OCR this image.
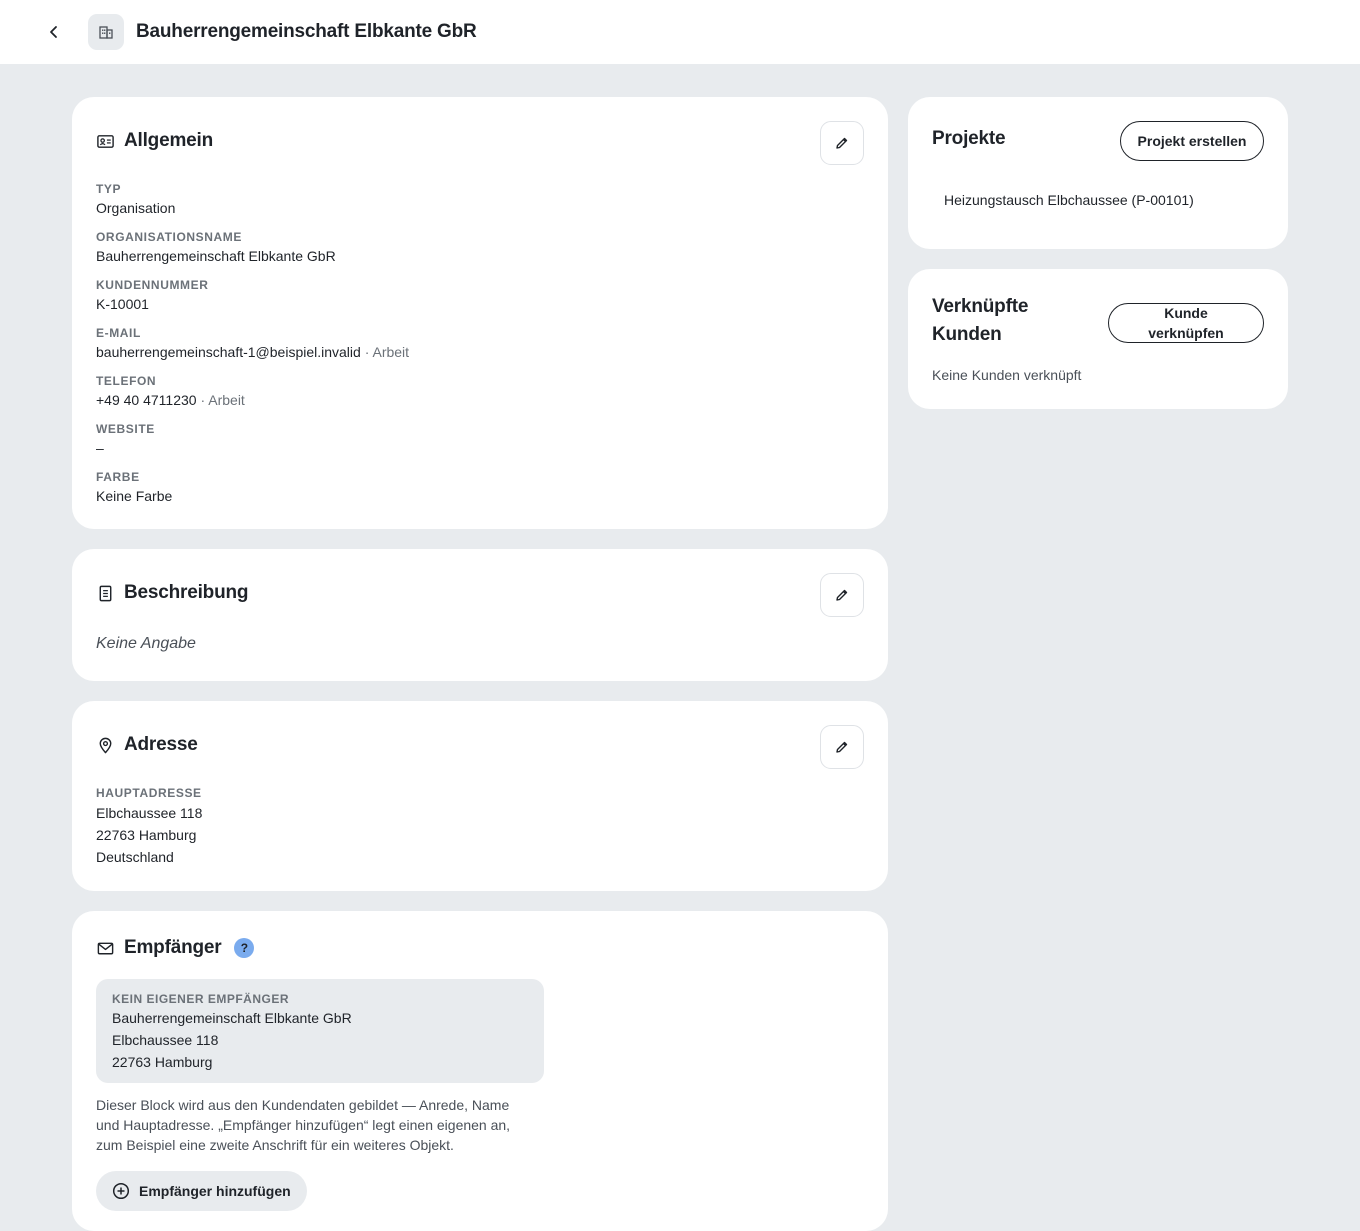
Bauherrengemeinschaft Elbkante GbR
Allgemein
TYP
Organisation
ORGANISATIONSNAME
Bauherrengemeinschaft Elbkante GbR
KUNDENNUMMER
K-10001
E-MAIL
bauherrengemeinschaft-1@beispiel.invalid · Arbeit
TELEFON
+49 40 4711230 · Arbeit
WEBSITE
–
FARBE
Keine Farbe
Beschreibung
Keine Angabe
Adresse
HAUPTADRESSE
Elbchaussee 118
22763 Hamburg
Deutschland
Empfänger	?
KEIN EIGENER EMPFÄNGER
Bauherrengemeinschaft Elbkante GbR
Elbchaussee 118
22763 Hamburg
Dieser Block wird aus den Kundendaten gebildet — Anrede, Name
und Hauptadresse. „Empfänger hinzufügen“ legt einen eigenen an,
zum Beispiel eine zweite Anschrift für ein weiteres Objekt.
Empfänger hinzufügen
Projekte	Projekt erstellen
Heizungstausch Elbchaussee (P-00101)
Verknüpfte
Kunden
Kunde
verknüpfen
Keine Kunden verknüpft
